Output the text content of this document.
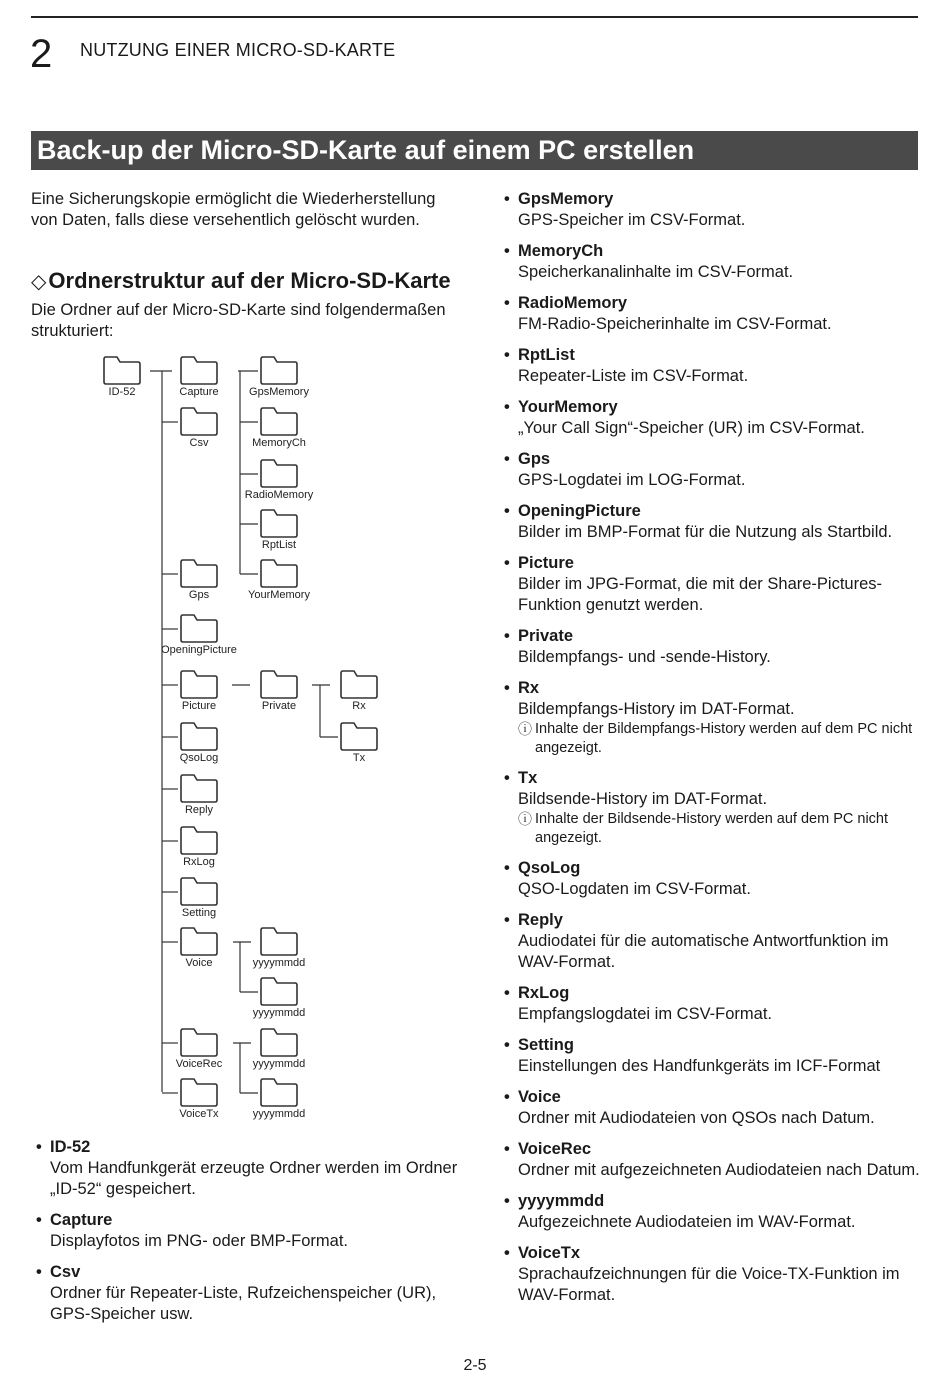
2 NUTZUNG EINER MICRO-SD-KARTE
Back-up der Micro-SD-Karte auf einem PC erstellen
Eine Sicherungskopie ermöglicht die Wiederherstellung von Daten, falls diese versehentlich gelöscht wurden.
◇Ordnerstruktur auf der Micro-SD-Karte
Die Ordner auf der Micro-SD-Karte sind folgendermaßen strukturiert:
ID-52	Capture
Csv
Gps
OpeningPicture
Picture
QsoLog
Reply
RxLog
Setting
Voice
VoiceRec
VoiceTx
GpsMemory
MemoryCh
RadioMemory
RptList
YourMemory
Private	Rx
Tx
yyyymmdd
yyyymmdd
yyyymmdd
yyyymmdd
• ID-52
Vom Handfunkgerät erzeugte Ordner werden im Ordner „ID-52“ gespeichert.
• Capture
Displayfotos im PNG- oder BMP-Format.
• Csv
Ordner für Repeater-Liste, Rufzeichenspeicher (UR), GPS-Speicher usw.
• GpsMemory
GPS-Speicher im CSV-Format.
• MemoryCh
Speicherkanalinhalte im CSV-Format.
• RadioMemory
FM-Radio-Speicherinhalte im CSV-Format.
• RptList
Repeater-Liste im CSV-Format.
• YourMemory
„Your Call Sign“-Speicher (UR) im CSV-Format.
• Gps
GPS-Logdatei im LOG-Format.
• OpeningPicture
Bilder im BMP-Format für die Nutzung als Startbild.
• Picture
Bilder im JPG-Format, die mit der Share-Pictures-Funktion genutzt werden.
• Private
Bildempfangs- und -sende-History.
• Rx
Bildempfangs-History im DAT-Format.
ⓘ Inhalte der Bildempfangs-History werden auf dem PC nicht angezeigt.
• Tx
Bildsende-History im DAT-Format.
ⓘ Inhalte der Bildsende-History werden auf dem PC nicht angezeigt.
• QsoLog
QSO-Logdaten im CSV-Format.
• Reply
Audiodatei für die automatische Antwortfunktion im WAV-Format.
• RxLog
Empfangslogdatei im CSV-Format.
• Setting
Einstellungen des Handfunkgeräts im ICF-Format
• Voice
Ordner mit Audiodateien von QSOs nach Datum.
• VoiceRec
Ordner mit aufgezeichneten Audiodateien nach Datum.
• yyyymmdd
Aufgezeichnete Audiodateien im WAV-Format.
• VoiceTx
Sprachaufzeichnungen für die Voice-TX-Funktion im WAV-Format.
2-5
